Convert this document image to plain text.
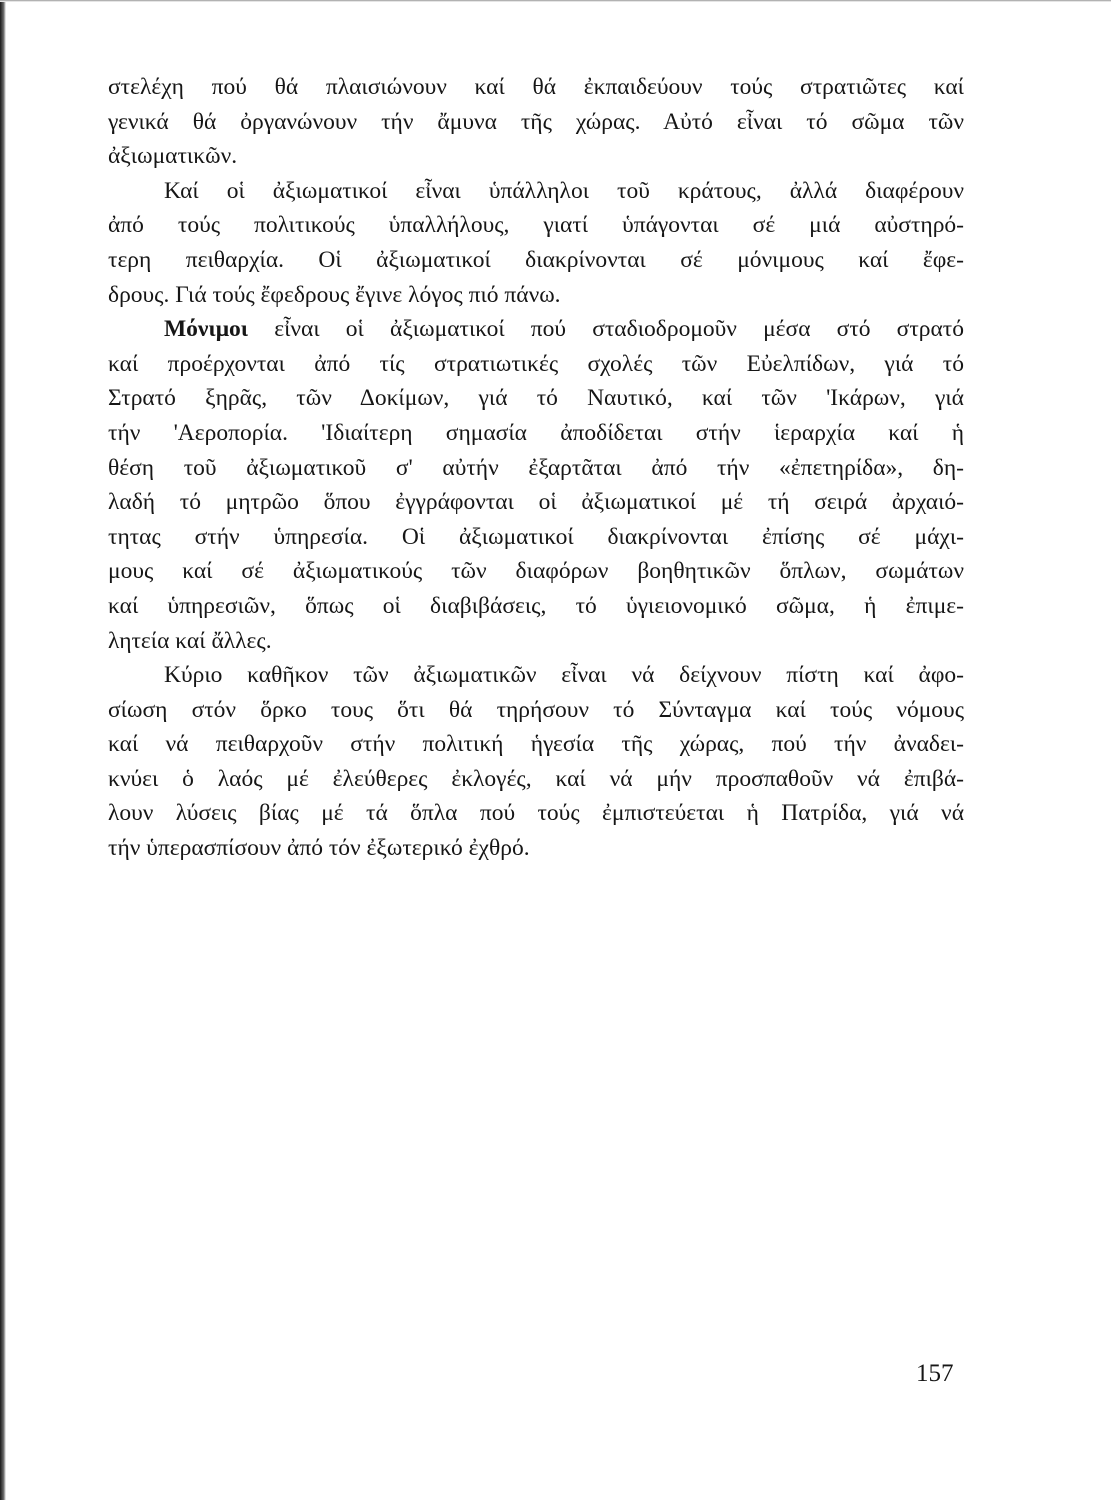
στελέχη πού θά πλαισιώνουν καί θά ἐκπαιδεύουν τούς στρατιῶτες καί
γενικά θά ὀργανώνουν τήν ἄμυνα τῆς χώρας. Αὐτό εἶναι τό σῶμα τῶν
ἀξιωματικῶν.
Καί οἱ ἀξιωματικοί εἶναι ὑπάλληλοι τοῦ κράτους, ἀλλά διαφέρουν
ἀπό τούς πολιτικούς ὑπαλλήλους, γιατί ὑπάγονται σέ μιά αὐστηρό-
τερη πειθαρχία. Οἱ ἀξιωματικοί διακρίνονται σέ μόνιμους καί ἔφε-
δρους. Γιά τούς ἔφεδρους ἔγινε λόγος πιό πάνω.
Μόνιμοι εἶναι οἱ ἀξιωματικοί πού σταδιοδρομοῦν μέσα στό στρατό
καί προέρχονται ἀπό τίς στρατιωτικές σχολές τῶν Εὐελπίδων, γιά τό
Στρατό ξηρᾶς, τῶν Δοκίμων, γιά τό Ναυτικό, καί τῶν 'Ικάρων, γιά
τήν 'Αεροπορία. 'Ιδιαίτερη σημασία ἀποδίδεται στήν ἱεραρχία καί ἡ
θέση τοῦ ἀξιωματικοῦ σ' αὐτήν ἐξαρτᾶται ἀπό τήν «ἐπετηρίδα», δη-
λαδή τό μητρῶο ὅπου ἐγγράφονται οἱ ἀξιωματικοί μέ τή σειρά ἀρχαιό-
τητας στήν ὑπηρεσία. Οἱ ἀξιωματικοί διακρίνονται ἐπίσης σέ μάχι-
μους καί σέ ἀξιωματικούς τῶν διαφόρων βοηθητικῶν ὅπλων, σωμάτων
καί ὑπηρεσιῶν, ὅπως οἱ διαβιβάσεις, τό ὑγιειονομικό σῶμα, ἡ ἐπιμε-
λητεία καί ἄλλες.
Κύριο καθῆκον τῶν ἀξιωματικῶν εἶναι νά δείχνουν πίστη καί ἀφο-
σίωση στόν ὅρκο τους ὅτι θά τηρήσουν τό Σύνταγμα καί τούς νόμους
καί νά πειθαρχοῦν στήν πολιτική ἡγεσία τῆς χώρας, πού τήν ἀναδει-
κνύει ὁ λαός μέ ἐλεύθερες ἐκλογές, καί νά μήν προσπαθοῦν νά ἐπιβά-
λουν λύσεις βίας μέ τά ὅπλα πού τούς ἐμπιστεύεται ἡ Πατρίδα, γιά νά
τήν ὑπερασπίσουν ἀπό τόν ἐξωτερικό ἐχθρό.
157
